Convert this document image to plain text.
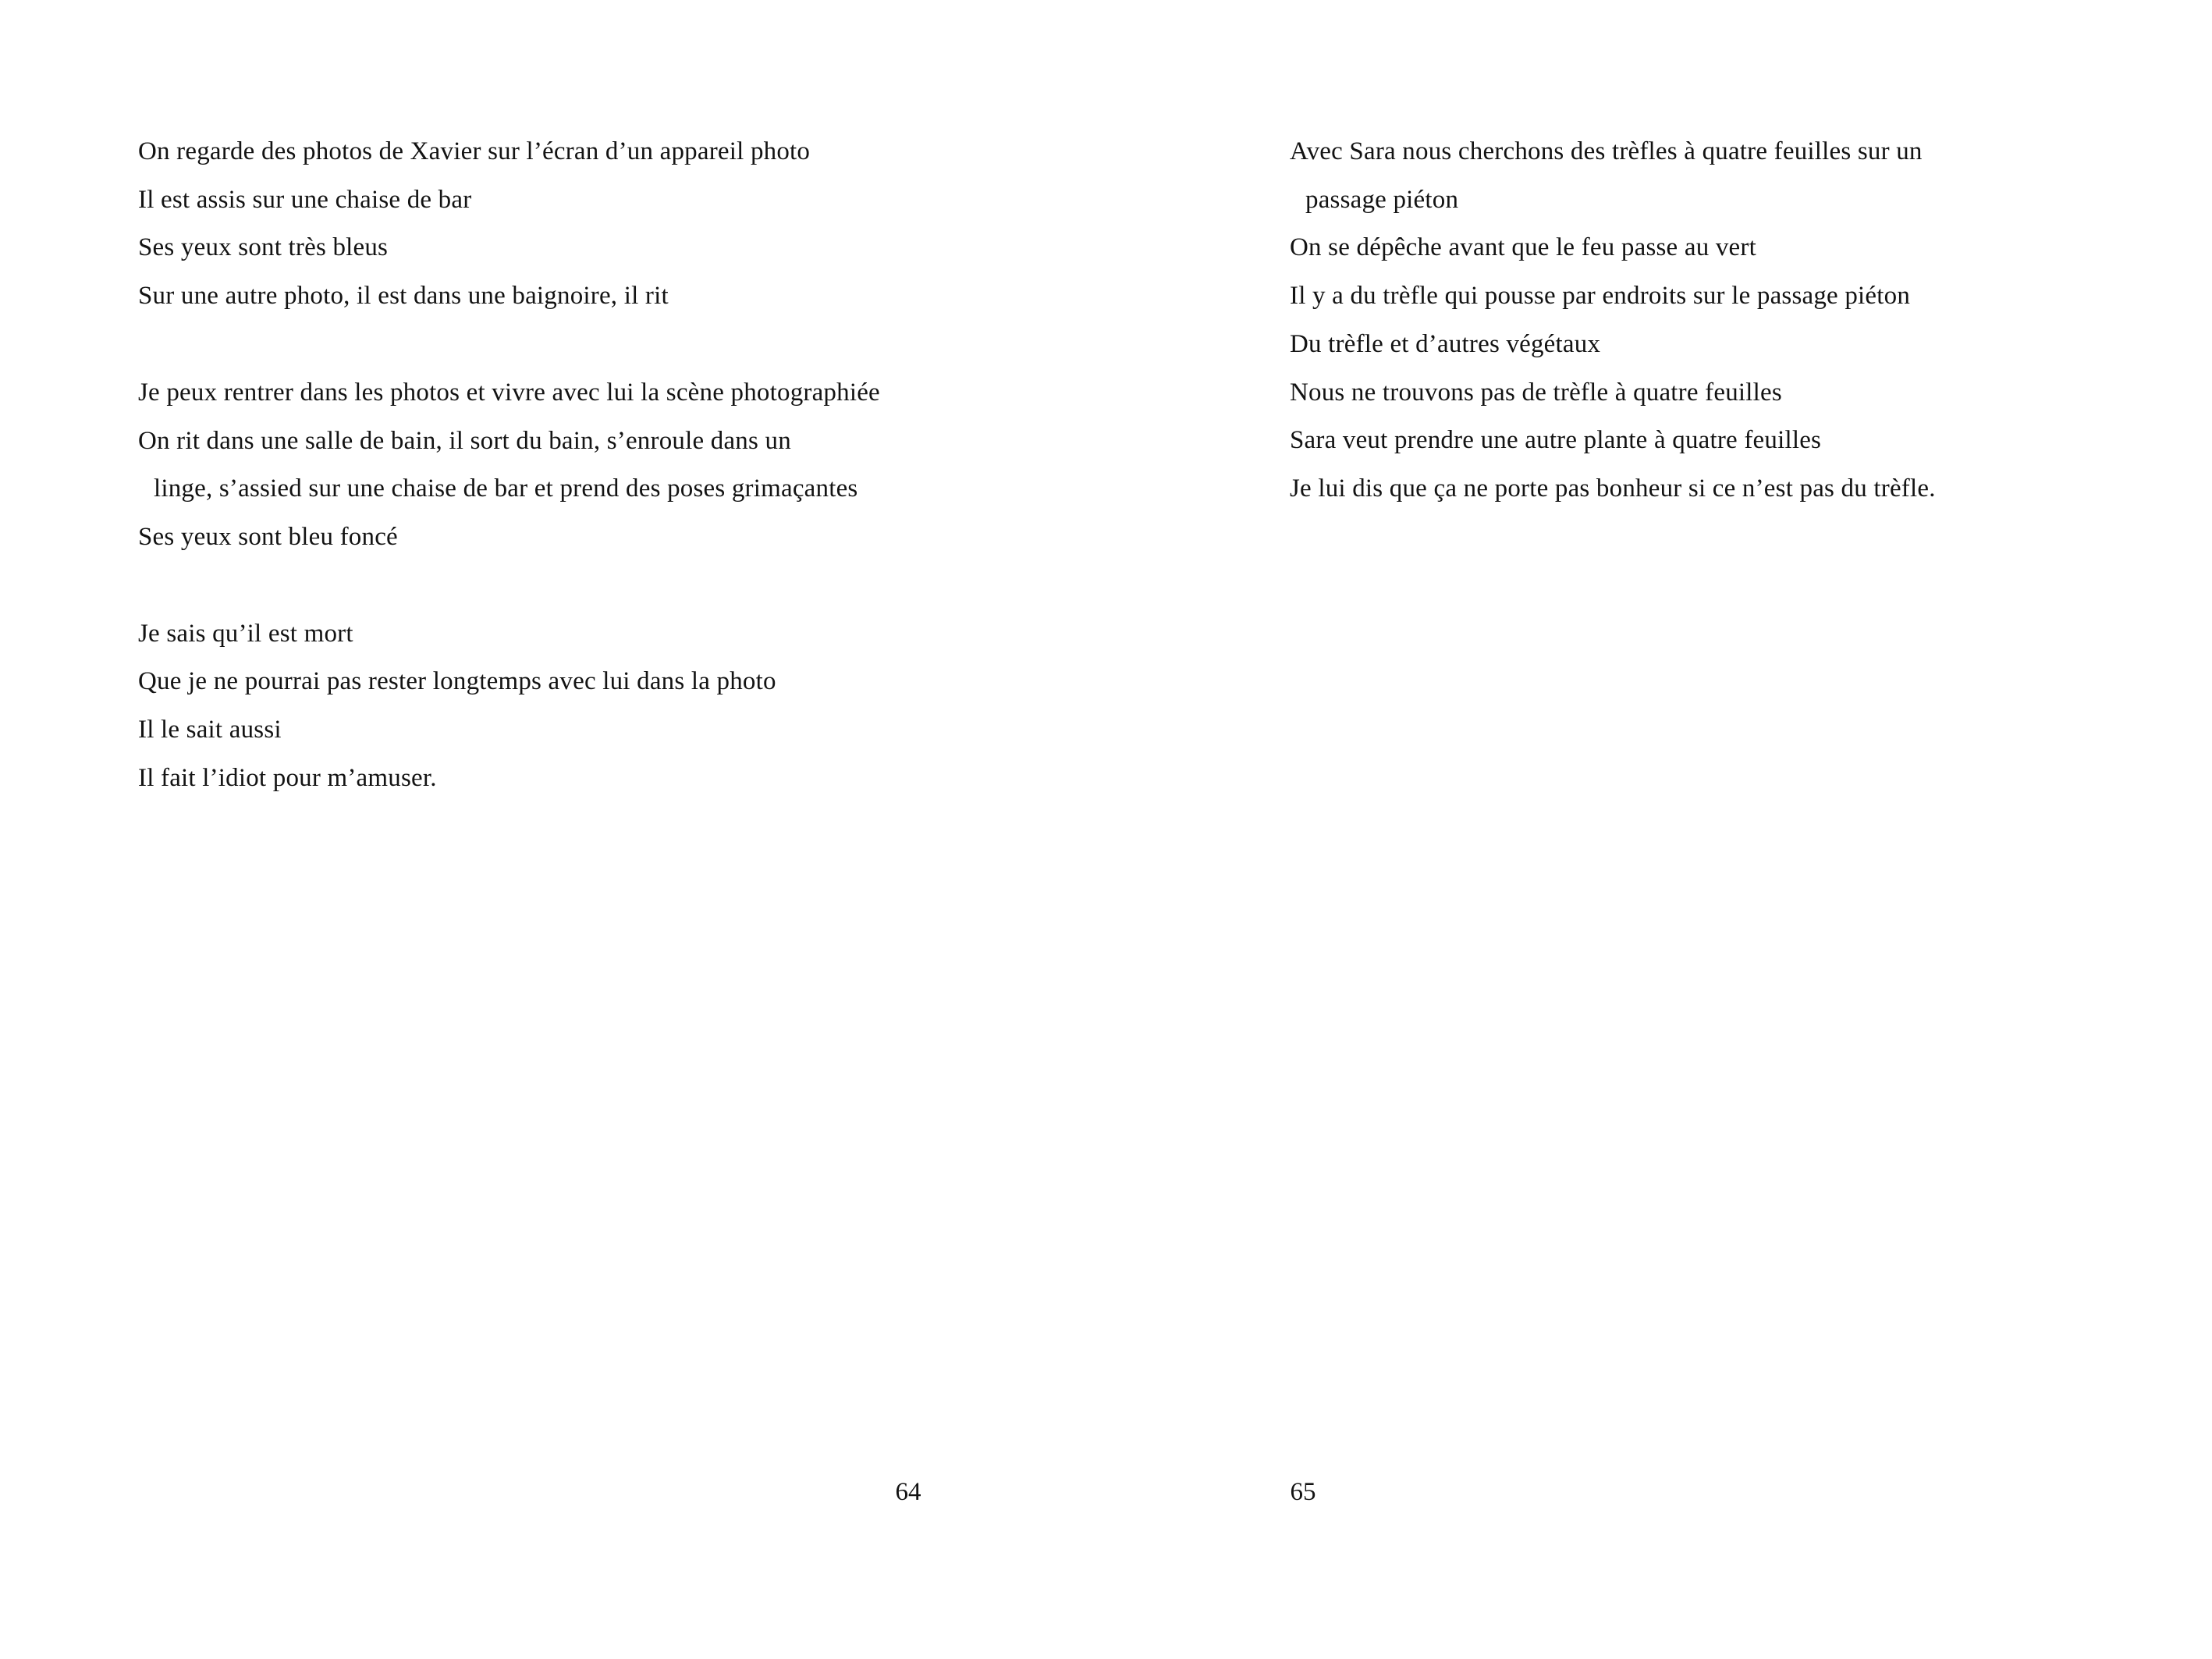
On regarde des photos de Xavier sur l’écran d’un appareil photo
Il est assis sur une chaise de bar
Ses yeux sont très bleus
Sur une autre photo, il est dans une baignoire, il rit
Je peux rentrer dans les photos et vivre avec lui la scène photographiée
On rit dans une salle de bain, il sort du bain, s’enroule dans un
linge, s’assied sur une chaise de bar et prend des poses grimaçantes
Ses yeux sont bleu foncé
Je sais qu’il est mort
Que je ne pourrai pas rester longtemps avec lui dans la photo
Il le sait aussi
Il fait l’idiot pour m’amuser.
Avec Sara nous cherchons des trèfles à quatre feuilles sur un
passage piéton
On se dépêche avant que le feu passe au vert
Il y a du trèfle qui pousse par endroits sur le passage piéton
Du trèfle et d’autres végétaux
Nous ne trouvons pas de trèfle à quatre feuilles
Sara veut prendre une autre plante à quatre feuilles
Je lui dis que ça ne porte pas bonheur si ce n’est pas du trèfle.
64	65
